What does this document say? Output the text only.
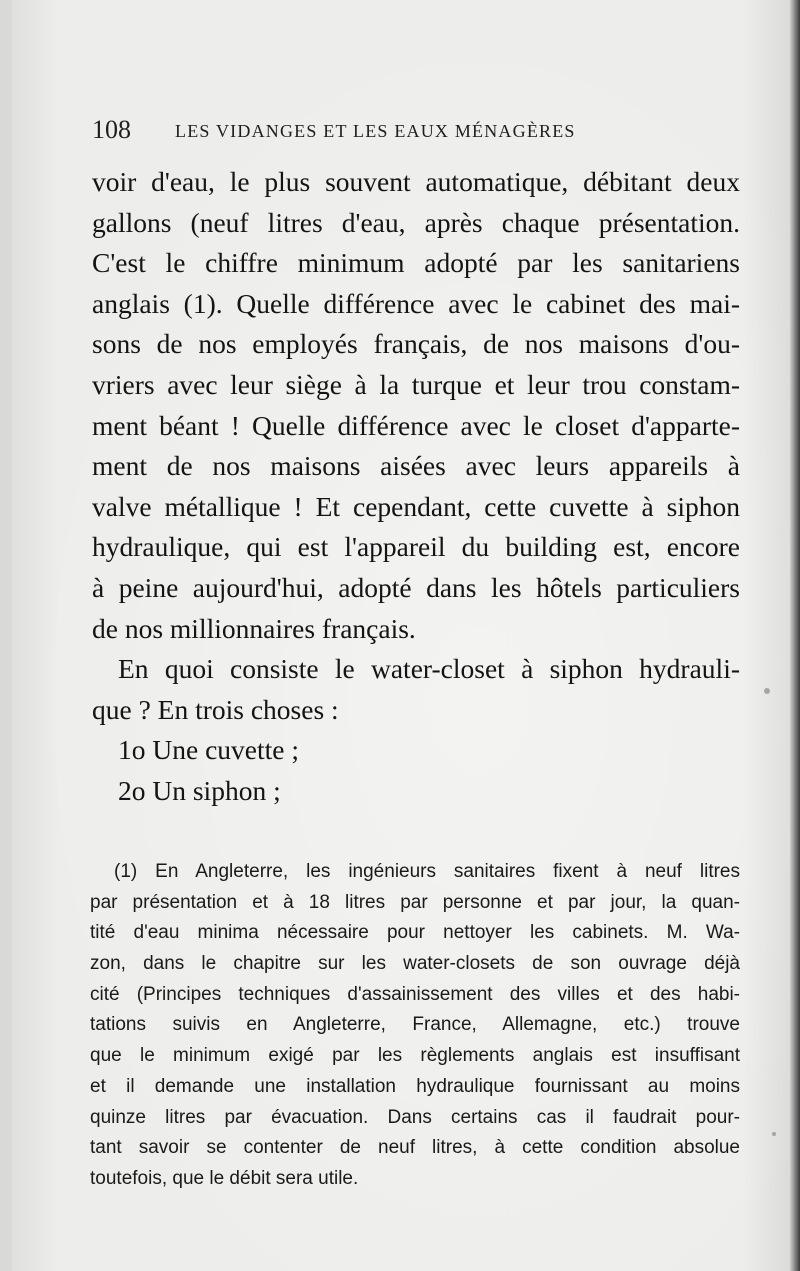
108 LES VIDANGES ET LES EAUX MÉNAGÈRES
voir d'eau, le plus souvent automatique, débitant deux
gallons (neuf litres d'eau, après chaque présentation.
C'est le chiffre minimum adopté par les sanitariens
anglais (1). Quelle différence avec le cabinet des mai-
sons de nos employés français, de nos maisons d'ou-
vriers avec leur siège à la turque et leur trou constam-
ment béant ! Quelle différence avec le closet d'apparte-
ment de nos maisons aisées avec leurs appareils à
valve métallique ! Et cependant, cette cuvette à siphon
hydraulique, qui est l'appareil du building est, encore
à peine aujourd'hui, adopté dans les hôtels particuliers
de nos millionnaires français.
En quoi consiste le water-closet à siphon hydrauli-
que ? En trois choses :
1o Une cuvette ;
2o Un siphon ;
(1) En Angleterre, les ingénieurs sanitaires fixent à neuf litres
par présentation et à 18 litres par personne et par jour, la quan-
tité d'eau minima nécessaire pour nettoyer les cabinets. M. Wa-
zon, dans le chapitre sur les water-closets de son ouvrage déjà
cité (Principes techniques d'assainissement des villes et des habi-
tations suivis en Angleterre, France, Allemagne, etc.) trouve
que le minimum exigé par les règlements anglais est insuffisant
et il demande une installation hydraulique fournissant au moins
quinze litres par évacuation. Dans certains cas il faudrait pour-
tant savoir se contenter de neuf litres, à cette condition absolue
toutefois, que le débit sera utile.
